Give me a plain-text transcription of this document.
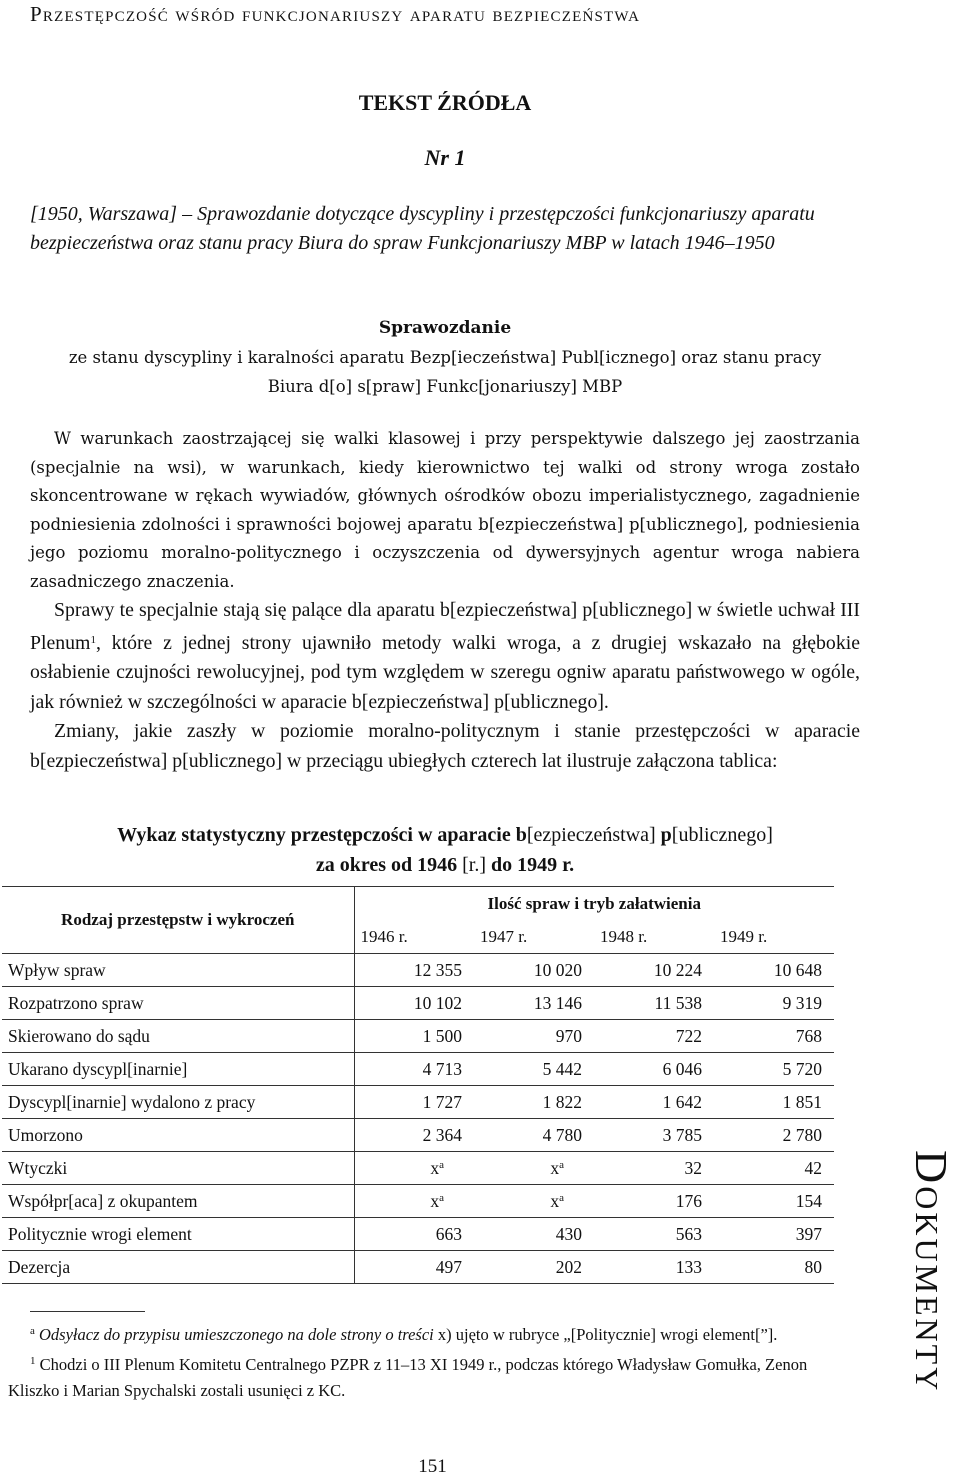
Przestępczość wśród funkcjonariuszy aparatu bezpieczeństwa
TEKST ŹRÓDŁA
Nr 1
[1950, Warszawa] – Sprawozdanie dotyczące dyscypliny i przestępczości funkcjonariuszy aparatu bezpieczeństwa oraz stanu pracy Biura do spraw Funkcjonariuszy MBP w latach 1946–1950
Sprawozdanie
ze stanu dyscypliny i karalności aparatu Bezp[ieczeństwa] Publ[icznego] oraz stanu pracy
Biura d[o] s[praw] Funkc[jonariuszy] MBP

W warunkach zaostrzającej się walki klasowej i przy perspektywie dalszego jej zaostrzania (specjalnie na wsi), w warunkach, kiedy kierownictwo tej walki od strony wroga zostało skoncentrowane w rękach wywiadów, głównych ośrodków obozu imperialistycznego, zagadnienie podniesienia zdolności i sprawności bojowej aparatu b[ezpieczeństwa] p[ublicznego], podniesienia jego poziomu moralno-politycznego i oczyszczenia od dywersyjnych agentur wroga nabiera zasadniczego znaczenia.

Sprawy te specjalnie stają się palące dla aparatu b[ezpieczeństwa] p[ublicznego] w świetle uchwał III Plenum$^1$, które z jednej strony ujawniło metody walki wroga, a z drugiej wskazało na głębokie osłabienie czujności rewolucyjnej, pod tym względem w szeregu ogniw aparatu państwowego w ogóle, jak również w szczególności w aparacie b[ezpieczeństwa] p[ublicznego].

Zmiany, jakie zaszły w poziomie moralno-politycznym i stanie przestępczości w aparacie b[ezpieczeństwa] p[ublicznego] w przeciągu ubiegłych czterech lat ilustruje załączona tablica:

Wykaz statystyczny przestępczości w aparacie b[ezpieczeństwa] p[ublicznego]
za okres od 1946 [r.] do 1949 r.
Rodzaj przestępstw i wykroczeń	Ilość spraw i tryb załatwienia			
	1946 r.	1947 r.	1948 r.	1949 r.
Wpływ spraw	12 355	10 020	10 224	10 648
Rozpatrzono spraw	10 102	13 146	11 538	9 319
Skierowano do sądu	1 500	970	722	768
Ukarano dyscypl[inarnie]	4 713	5 442	6 046	5 720
Dyscypl[inarnie] wydalono z pracy	1 727	1 822	1 642	1 851
Umorzono	2 364	4 780	3 785	2 780
Wtyczki	$x^a$	$x^a$	32	42
Współpr[aca] z okupantem	$x^a$	$x^a$	176	154
Politycznie wrogi element	663	430	563	397
Dezercja	497	202	133	80 Dokumenty

$^a$ Odsyłacz do przypisu umieszczonego na dole strony o treści x) ujęto w rubryce „[Politycznie] wrogi element[”].

$^1$ Chodzi o III Plenum Komitetu Centralnego PZPR z 11–13 XI 1949 r., podczas którego Władysław Gomułka, Zenon Kliszko i Marian Spychalski zostali usunięci z KC.

151
